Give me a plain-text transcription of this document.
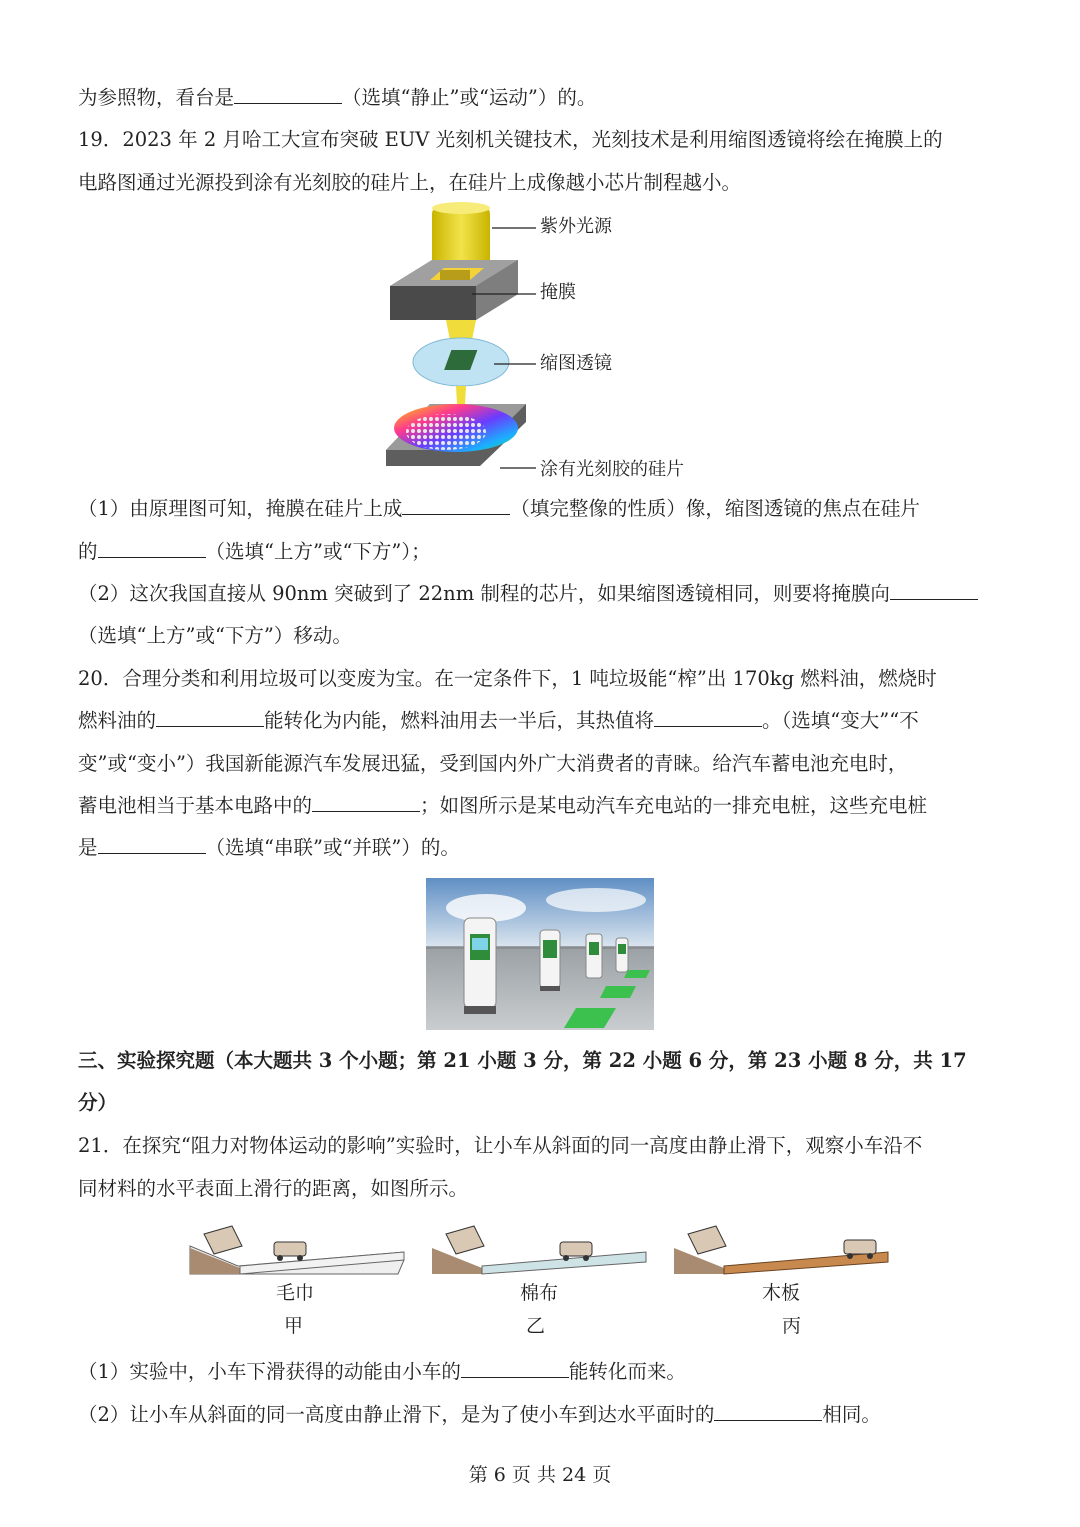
为参照物，看台是	（选填“静止”或“运动”）的。
19．2023 年 2 月哈工大宣布突破 EUV 光刻机关键技术，光刻技术是利用缩图透镜将绘在掩膜上的
电路图通过光源投到涂有光刻胶的硅片上，在硅片上成像越小芯片制程越小。
紫外光源
掩膜
缩图透镜
涂有光刻胶的硅片
（1）由原理图可知，掩膜在硅片上成	（填完整像的性质）像，缩图透镜的焦点在硅片
的	（选填“上方”或“下方”）；
（2）这次我国直接从 90nm 突破到了 22nm 制程的芯片，如果缩图透镜相同，则要将掩膜向
（选填“上方”或“下方”）移动。
20．合理分类和利用垃圾可以变废为宝。在一定条件下，1 吨垃圾能“榨”出 170kg 燃料油，燃烧时
燃料油的	能转化为内能，燃料油用去一半后，其热值将	。（选填“变大”“不
变”或“变小”）我国新能源汽车发展迅猛，受到国内外广大消费者的青睐。给汽车蓄电池充电时，
蓄电池相当于基本电路中的	；如图所示是某电动汽车充电站的一排充电桩，这些充电桩
是	（选填“串联”或“并联”）的。
三、实验探究题（本大题共 3 个小题；第 21 小题 3 分，第 22 小题 6 分，第 23 小题 8 分，共 17
分）
21．在探究“阻力对物体运动的影响”实验时，让小车从斜面的同一高度由静止滑下，观察小车沿不
同材料的水平表面上滑行的距离，如图所示。
毛巾	棉布	木板
甲	乙	丙
（1）实验中，小车下滑获得的动能由小车的	能转化而来。
（2）让小车从斜面的同一高度由静止滑下，是为了使小车到达水平面时的	相同。
第 6 页 共 24 页
